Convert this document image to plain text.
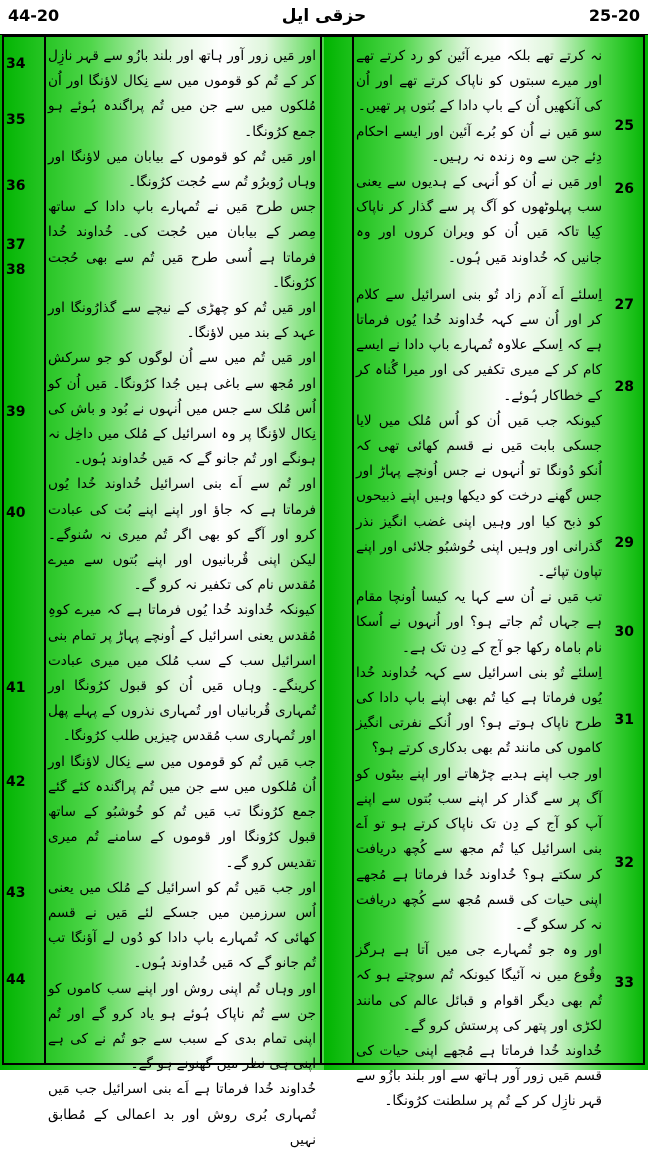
44-20	حزقی ایل	25-20

نہ کرتے تھے بلکہ میرے آئین کو رد کرتے تھے اور میرے سبتوں کو ناپاک کرتے تھے اور اُن کی آنکھیں اُن کے باپ دادا کے بُتوں پر تھیں۔

سو مَیں نے اُن کو بُرے آئین اور ایسے احکام دِئے جن سے وہ زندہ نہ رہیں۔

اور مَیں نے اُن کو اُنہی کے ہدیوں سے یعنی سب پہلوٹھوں کو آگ پر سے گذار کر ناپاک کِیا تاکہ مَیں اُن کو ویران کروں اور وہ جانیں کہ خُداوند مَیں ہُوں۔

اِسلئے اَے آدم زاد تُو بنی اسرائیل سے کلام کر اور اُن سے کہہ خُداوند خُدا یُوں فرماتا ہے کہ اِسکے علاوہ تُمہارے باپ دادا نے ایسے کام کر کے میری تکفیر کی اور میرا گُناہ کر کے خطاکار ہُوئے۔

کیونکہ جب مَیں اُن کو اُس مُلک میں لایا جسکی بابت مَیں نے قسم کھائی تھی کہ اُنکو دُونگا تو اُنہوں نے جس اُونچے پہاڑ اور جس گھنے درخت کو دیکھا وہیں اپنے ذبیحوں کو ذبح کیا اور وہیں اپنی غضب انگیز نذر گذرانی اور وہیں اپنی خُوشبُو جلائی اور اپنے تپاون تپائے۔

تب مَیں نے اُن سے کہا یہ کیسا اُونچا مقام ہے جہاں تُم جاتے ہو؟ اور اُنہوں نے اُسکا نام باماہ رکھا جو آج کے دِن تک ہے۔

اِسلئے تُو بنی اسرائیل سے کہہ خُداوند خُدا یُوں فرماتا ہے کیا تُم بھی اپنے باپ دادا کی طرح ناپاک ہوتے ہو؟ اور اُنکے نفرتی انگیز کاموں کی مانند تُم بھی بدکاری کرتے ہو؟

اور جب اپنے ہدیے چڑھاتے اور اپنے بیٹوں کو آگ پر سے گذار کر اپنے سب بُتوں سے اپنے آپ کو آج کے دِن تک ناپاک کرتے ہو تو اَے بنی اسرائیل کیا تُم مجھ سے کُچھ دریافت کر سکتے ہو؟ خُداوند خُدا فرماتا ہے مُجھے اپنی حیات کی قسم مُجھ سے کُچھ دریافت نہ کر سکو گے۔

اور وہ جو تُمہارے جی میں آتا ہے ہرگز وقُوع میں نہ آئیگا کیونکہ تُم سوچتے ہو کہ تُم بھی دیگر اقوام و قبائل عالم کی مانند لکڑی اور پتھر کی پرستش کرو گے۔

خُداوند خُدا فرماتا ہے مُجھے اپنی حیات کی قسم مَیں زور آور ہاتھ سے اور بلند بازُو سے قہر نازِل کر کے تُم پر سلطنت کرُونگا۔

25
26
27
28
29
30
31
32
33

اور مَیں زور آور ہاتھ اور بلند بازُو سے قہر نازِل کر کے تُم کو قوموں میں سے نِکال لاؤنگا اور اُن مُلکوں میں سے جن میں تُم پراگندہ ہُوئے ہو جمع کرُونگا۔

اور مَیں تُم کو قوموں کے بیابان میں لاؤنگا اور وہاں رُوبرُو تُم سے حُجت کرُونگا۔

جس طرح مَیں نے تُمہارے باپ دادا کے ساتھ مِصر کے بیابان میں حُجت کی۔ خُداوند خُدا فرماتا ہے اُسی طرح مَیں تُم سے بھی حُجت کرُونگا۔

اور مَیں تُم کو چھڑی کے نیچے سے گذارُونگا اور عہد کے بند میں لاؤنگا۔

اور مَیں تُم میں سے اُن لوگوں کو جو سرکش اور مُجھ سے باغی ہیں جُدا کرُونگا۔ مَیں اُن کو اُس مُلک سے جس میں اُنہوں نے بُود و باش کی نِکال لاؤنگا پر وہ اسرائیل کے مُلک میں داخِل نہ ہونگے اور تُم جانو گے کہ مَیں خُداوند ہُوں۔

اور تُم سے اَے بنی اسرائیل خُداوند خُدا یُوں فرماتا ہے کہ جاؤ اور اپنے اپنے بُت کی عبادت کرو اور آگے کو بھی اگر تُم میری نہ سُنوگے۔ لیکن اپنی قُربانیوں اور اپنے بُتوں سے میرے مُقدس نام کی تکفیر نہ کرو گے۔

کیونکہ خُداوند خُدا یُوں فرماتا ہے کہ میرے کوہِ مُقدس یعنی اسرائیل کے اُونچے پہاڑ پر تمام بنی اسرائیل سب کے سب مُلک میں میری عبادت کرینگے۔ وہاں مَیں اُن کو قبول کرُونگا اور تُمہاری قُربانیاں اور تُمہاری نذروں کے پہلے پھل اور تُمہاری سب مُقدس چیزیں طلب کرُونگا۔

جب مَیں تُم کو قوموں میں سے نِکال لاؤنگا اور اُن مُلکوں میں سے جن میں تُم پراگندہ کئے گئے جمع کرُونگا تب مَیں تُم کو خُوشبُو کے ساتھ قبول کرُونگا اور قوموں کے سامنے تُم میری تقدیس کرو گے۔

اور جب مَیں تُم کو اسرائیل کے مُلک میں یعنی اُس سرزمین میں جسکے لئے مَیں نے قسم کھائی کہ تُمہارے باپ دادا کو دُوں لے آؤنگا تب تُم جانو گے کہ مَیں خُداوند ہُوں۔

اور وہاں تُم اپنی روش اور اپنے سب کاموں کو جن سے تُم ناپاک ہُوئے ہو یاد کرو گے اور تُم اپنی تمام بدی کے سبب سے جو تُم نے کی ہے اپنی ہی نظر میں گھنونے ہو گے۔

خُداوند خُدا فرماتا ہے اَے بنی اسرائیل جب مَیں تُمہاری بُری روش اور بد اعمالی کے مُطابق نہیں

34
35
36
37
38
39
40
41
42
43
44
